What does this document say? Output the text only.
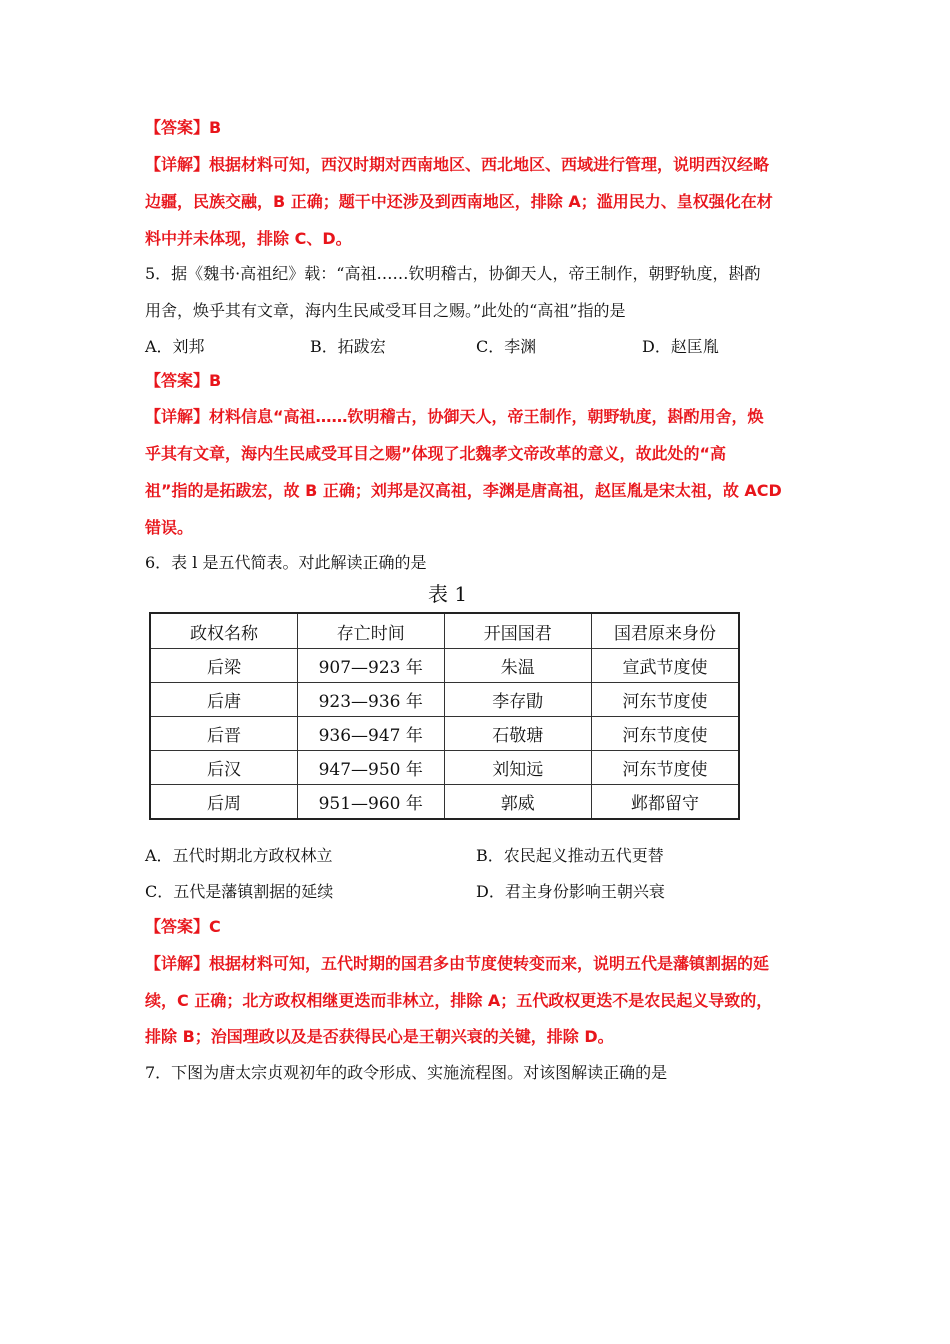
【答案】B
【详解】根据材料可知，西汉时期对西南地区、西北地区、西域进行管理，说明西汉经略
边疆，民族交融，B 正确；题干中还涉及到西南地区，排除 A；滥用民力、皇权强化在材
料中并未体现，排除 C、D。
5．据《魏书·高祖纪》载：“高祖……钦明稽古，协御天人，帝王制作，朝野轨度，斟酌
用舍，焕乎其有文章，海内生民咸受耳目之赐。”此处的“高祖”指的是
A．刘邦	B．拓跋宏	C．李渊	D．赵匡胤
【答案】B
【详解】材料信息“高祖……钦明稽古，协御天人，帝王制作，朝野轨度，斟酌用舍，焕
乎其有文章，海内生民咸受耳目之赐”体现了北魏孝文帝改革的意义，故此处的“高
祖”指的是拓跋宏，故 B 正确；刘邦是汉高祖，李渊是唐高祖，赵匡胤是宋太祖，故 ACD
错误。
6．表 l 是五代简表。对此解读正确的是
表 1
政权名称	存亡时间	开国国君	国君原来身份
后梁	907—923 年	朱温	宣武节度使
后唐	923—936 年	李存勖	河东节度使
后晋	936—947 年	石敬瑭	河东节度使
后汉	947—950 年	刘知远	河东节度使
后周	951—960 年	郭威	邺都留守
A．五代时期北方政权林立	B．农民起义推动五代更替
C．五代是藩镇割据的延续	D．君主身份影响王朝兴衰
【答案】C
【详解】根据材料可知，五代时期的国君多由节度使转变而来，说明五代是藩镇割据的延
续，C 正确；北方政权相继更迭而非林立，排除 A；五代政权更迭不是农民起义导致的，
排除 B；治国理政以及是否获得民心是王朝兴衰的关键，排除 D。
7．下图为唐太宗贞观初年的政令形成、实施流程图。对该图解读正确的是
